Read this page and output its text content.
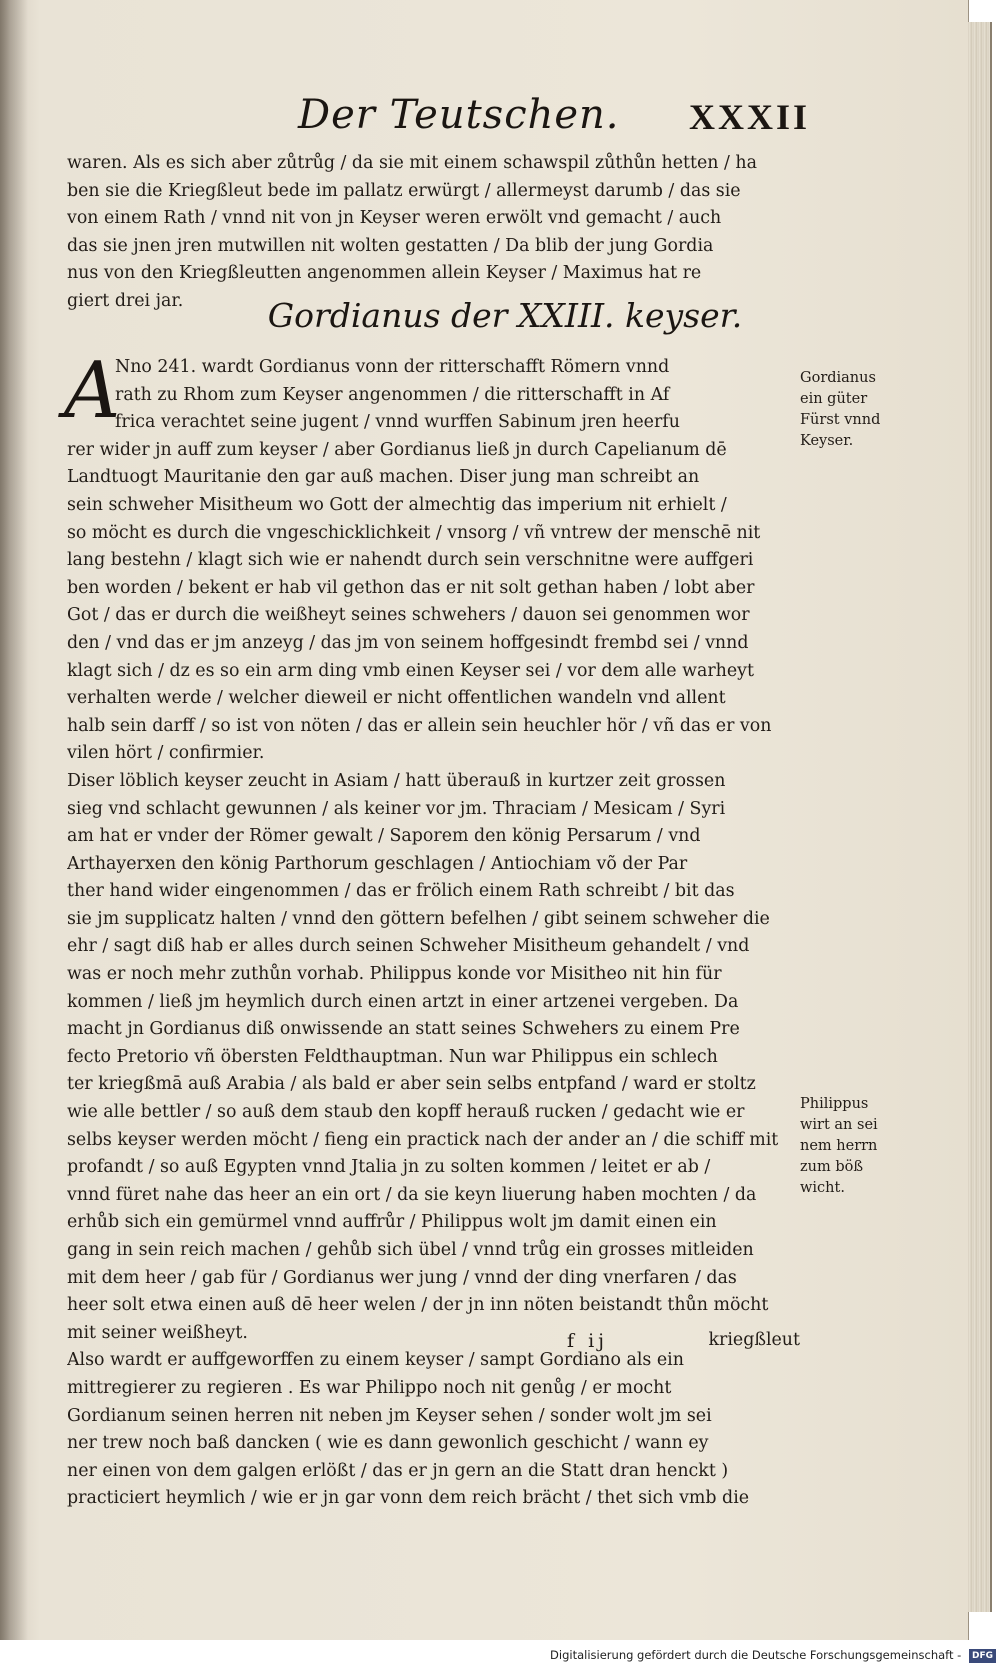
Der Teutschen. XXXII
waren. Als es sich aber zůtrůg / da sie mit einem schawspil zůthůn hetten / ha
ben sie die Kriegßleut bede im pallatz erwürgt / allermeyst darumb / das sie
von einem Rath / vnnd nit von jn Keyser weren erwölt vnd gemacht / auch
das sie jnen jren mutwillen nit wolten gestatten / Da blib der jung Gordia
nus von den Kriegßleutten angenommen allein Keyser / Maximus hat re
giert drei jar.	Gordianus der XXIII. keyser.
A
Nno 241. wardt Gordianus vonn der ritterschafft Römern vnnd
rath zu Rhom zum Keyser angenommen / die ritterschafft in Af
frica verachtet seine jugent / vnnd wurffen Sabinum jren heerfu
rer wider jn auff zum keyser / aber Gordianus ließ jn durch Capelianum dē
Landtuogt Mauritanie den gar auß machen. Diser jung man schreibt an
sein schweher Misitheum wo Gott der almechtig das imperium nit erhielt /
so möcht es durch die vngeschicklichkeit / vnsorg / vñ vntrew der menschē nit
lang bestehn / klagt sich wie er nahendt durch sein verschnitne were auffgeri
ben worden / bekent er hab vil gethon das er nit solt gethan haben / lobt aber
Got / das er durch die weißheyt seines schwehers / dauon sei genommen wor
den / vnd das er jm anzeyg / das jm von seinem hoffgesindt frembd sei / vnnd
klagt sich / dz es so ein arm ding vmb einen Keyser sei / vor dem alle warheyt
verhalten werde / welcher dieweil er nicht offentlichen wandeln vnd allent
halb sein darff / so ist von nöten / das er allein sein heuchler hör / vñ das er von
vilen hört / confirmier.
Diser löblich keyser zeucht in Asiam / hatt überauß in kurtzer zeit grossen
sieg vnd schlacht gewunnen / als keiner vor jm. Thraciam / Mesicam / Syri
am hat er vnder der Römer gewalt / Saporem den könig Persarum / vnd
Arthayerxen den könig Parthorum geschlagen / Antiochiam võ der Par
ther hand wider eingenommen / das er frölich einem Rath schreibt / bit das
sie jm supplicatz halten / vnnd den göttern befelhen / gibt seinem schweher die
ehr / sagt diß hab er alles durch seinen Schweher Misitheum gehandelt / vnd
was er noch mehr zuthůn vorhab. Philippus konde vor Misitheo nit hin für
kommen / ließ jm heymlich durch einen artzt in einer artzenei vergeben. Da
macht jn Gordianus diß onwissende an statt seines Schwehers zu einem Pre
fecto Pretorio vñ öbersten Feldthauptman. Nun war Philippus ein schlech
ter kriegßmā auß Arabia / als bald er aber sein selbs entpfand / ward er stoltz
wie alle bettler / so auß dem staub den kopff herauß rucken / gedacht wie er
selbs keyser werden möcht / fieng ein practick nach der ander an / die schiff mit
profandt / so auß Egypten vnnd Jtalia jn zu solten kommen / leitet er ab /
vnnd füret nahe das heer an ein ort / da sie keyn liuerung haben mochten / da
erhůb sich ein gemürmel vnnd auffrůr / Philippus wolt jm damit einen ein
gang in sein reich machen / gehůb sich übel / vnnd trůg ein grosses mitleiden
mit dem heer / gab für / Gordianus wer jung / vnnd der ding vnerfaren / das
heer solt etwa einen auß dē heer welen / der jn inn nöten beistandt thůn möcht
mit seiner weißheyt.
Also wardt er auffgeworffen zu einem keyser / sampt Gordiano als ein
mittregierer zu regieren . Es war Philippo noch nit genůg / er mocht
Gordianum seinen herren nit neben jm Keyser sehen / sonder wolt jm sei
ner trew noch baß dancken ( wie es dann gewonlich geschicht / wann ey
ner einen von dem galgen erlößt / das er jn gern an die Statt dran henckt )
practiciert heymlich / wie er jn gar vonn dem reich brächt / thet sich vmb die
Gordianus
ein güter
Fürst vnnd
Keyser.
Philippus
wirt an sei
nem herrn
zum böß
wicht.
f ij	kriegßleut
Digitalisierung gefördert durch die Deutsche Forschungsgemeinschaft - DFG
